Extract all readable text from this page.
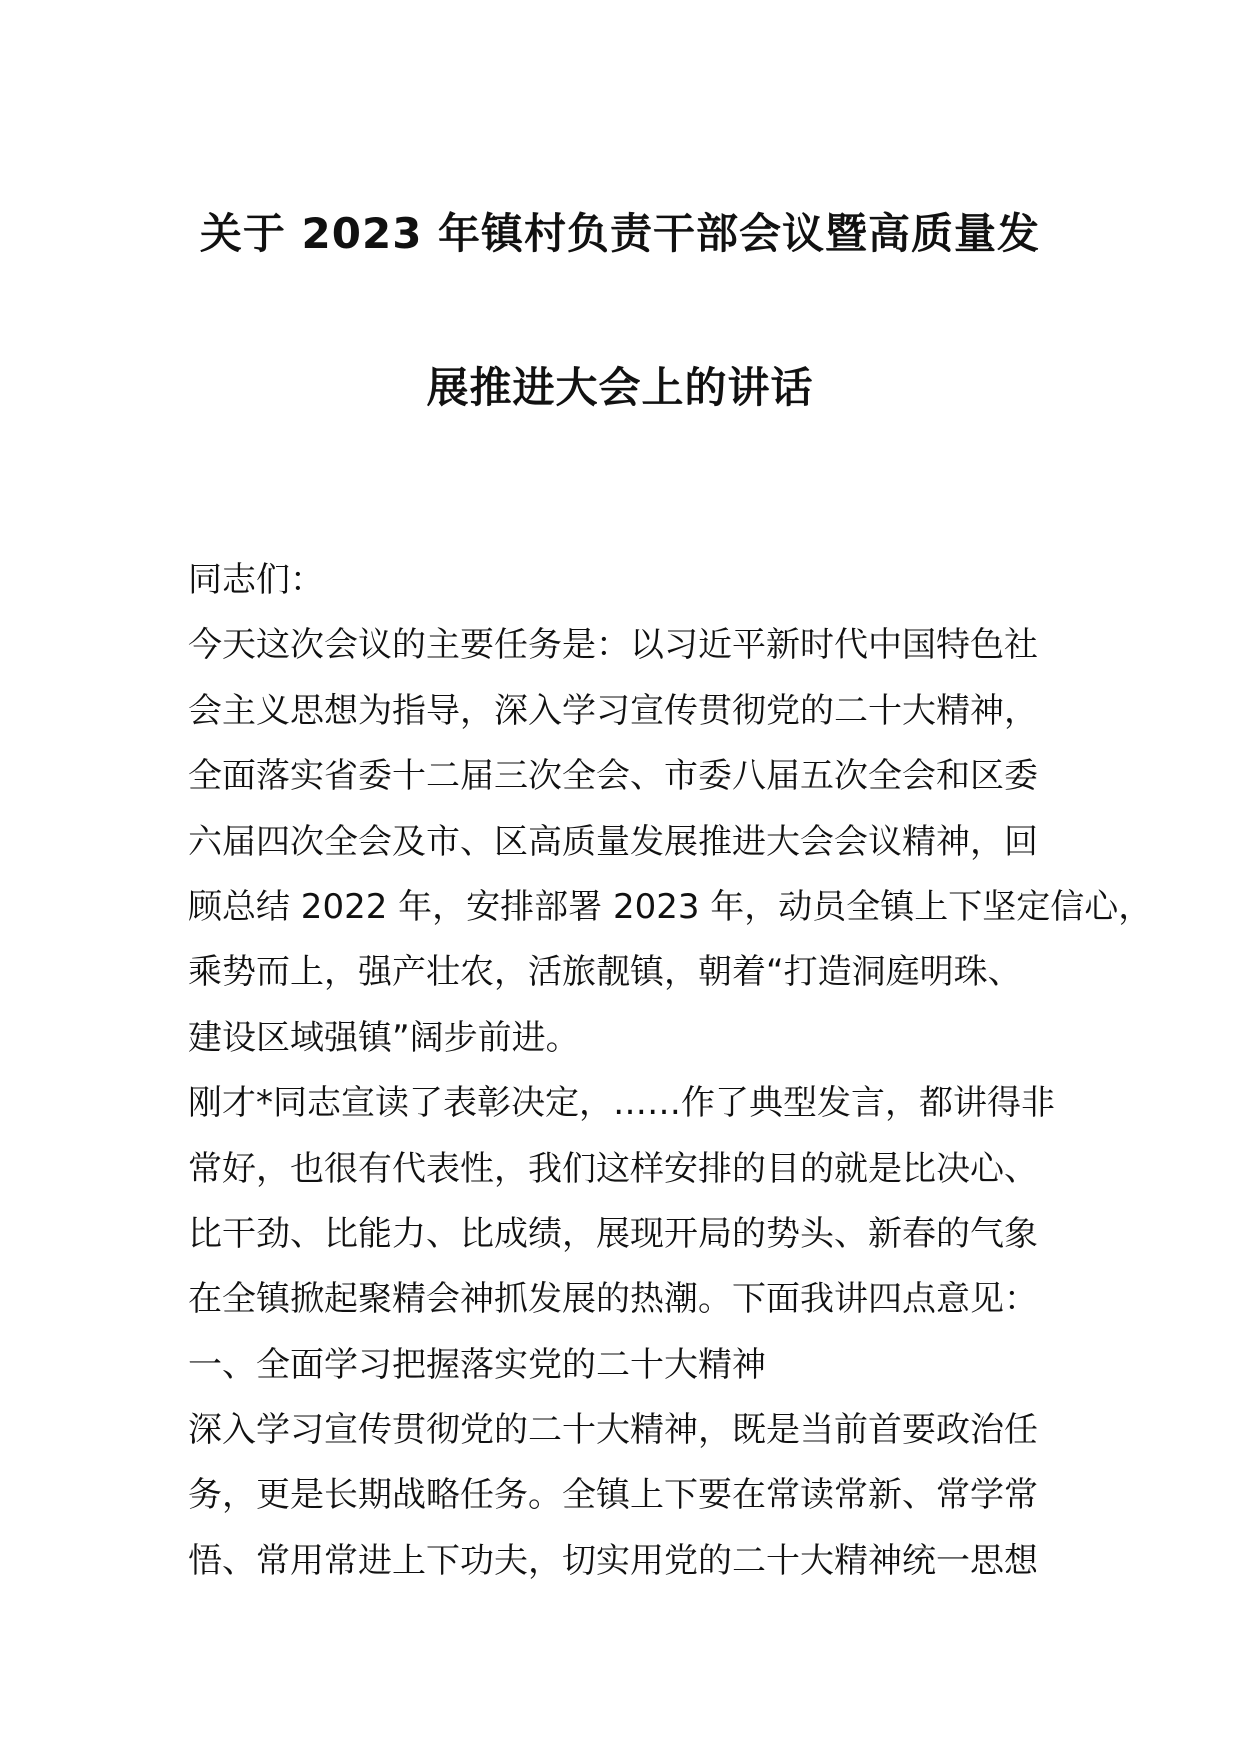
关于 2023 年镇村负责干部会议暨高质量发
展推进大会上的讲话
同志们：
今天这次会议的主要任务是：以习近平新时代中国特色社
会主义思想为指导，深入学习宣传贯彻党的二十大精神，
全面落实省委十二届三次全会、市委八届五次全会和区委
六届四次全会及市、区高质量发展推进大会会议精神，回
顾总结 2022 年，安排部署 2023 年，动员全镇上下坚定信心，
乘势而上，强产壮农，活旅靓镇，朝着“打造洞庭明珠、
建设区域强镇”阔步前进。
刚才*同志宣读了表彰决定，……作了典型发言，都讲得非
常好，也很有代表性，我们这样安排的目的就是比决心、
比干劲、比能力、比成绩，展现开局的势头、新春的气象
在全镇掀起聚精会神抓发展的热潮。下面我讲四点意见：
一、全面学习把握落实党的二十大精神
深入学习宣传贯彻党的二十大精神，既是当前首要政治任
务，更是长期战略任务。全镇上下要在常读常新、常学常
悟、常用常进上下功夫，切实用党的二十大精神统一思想
